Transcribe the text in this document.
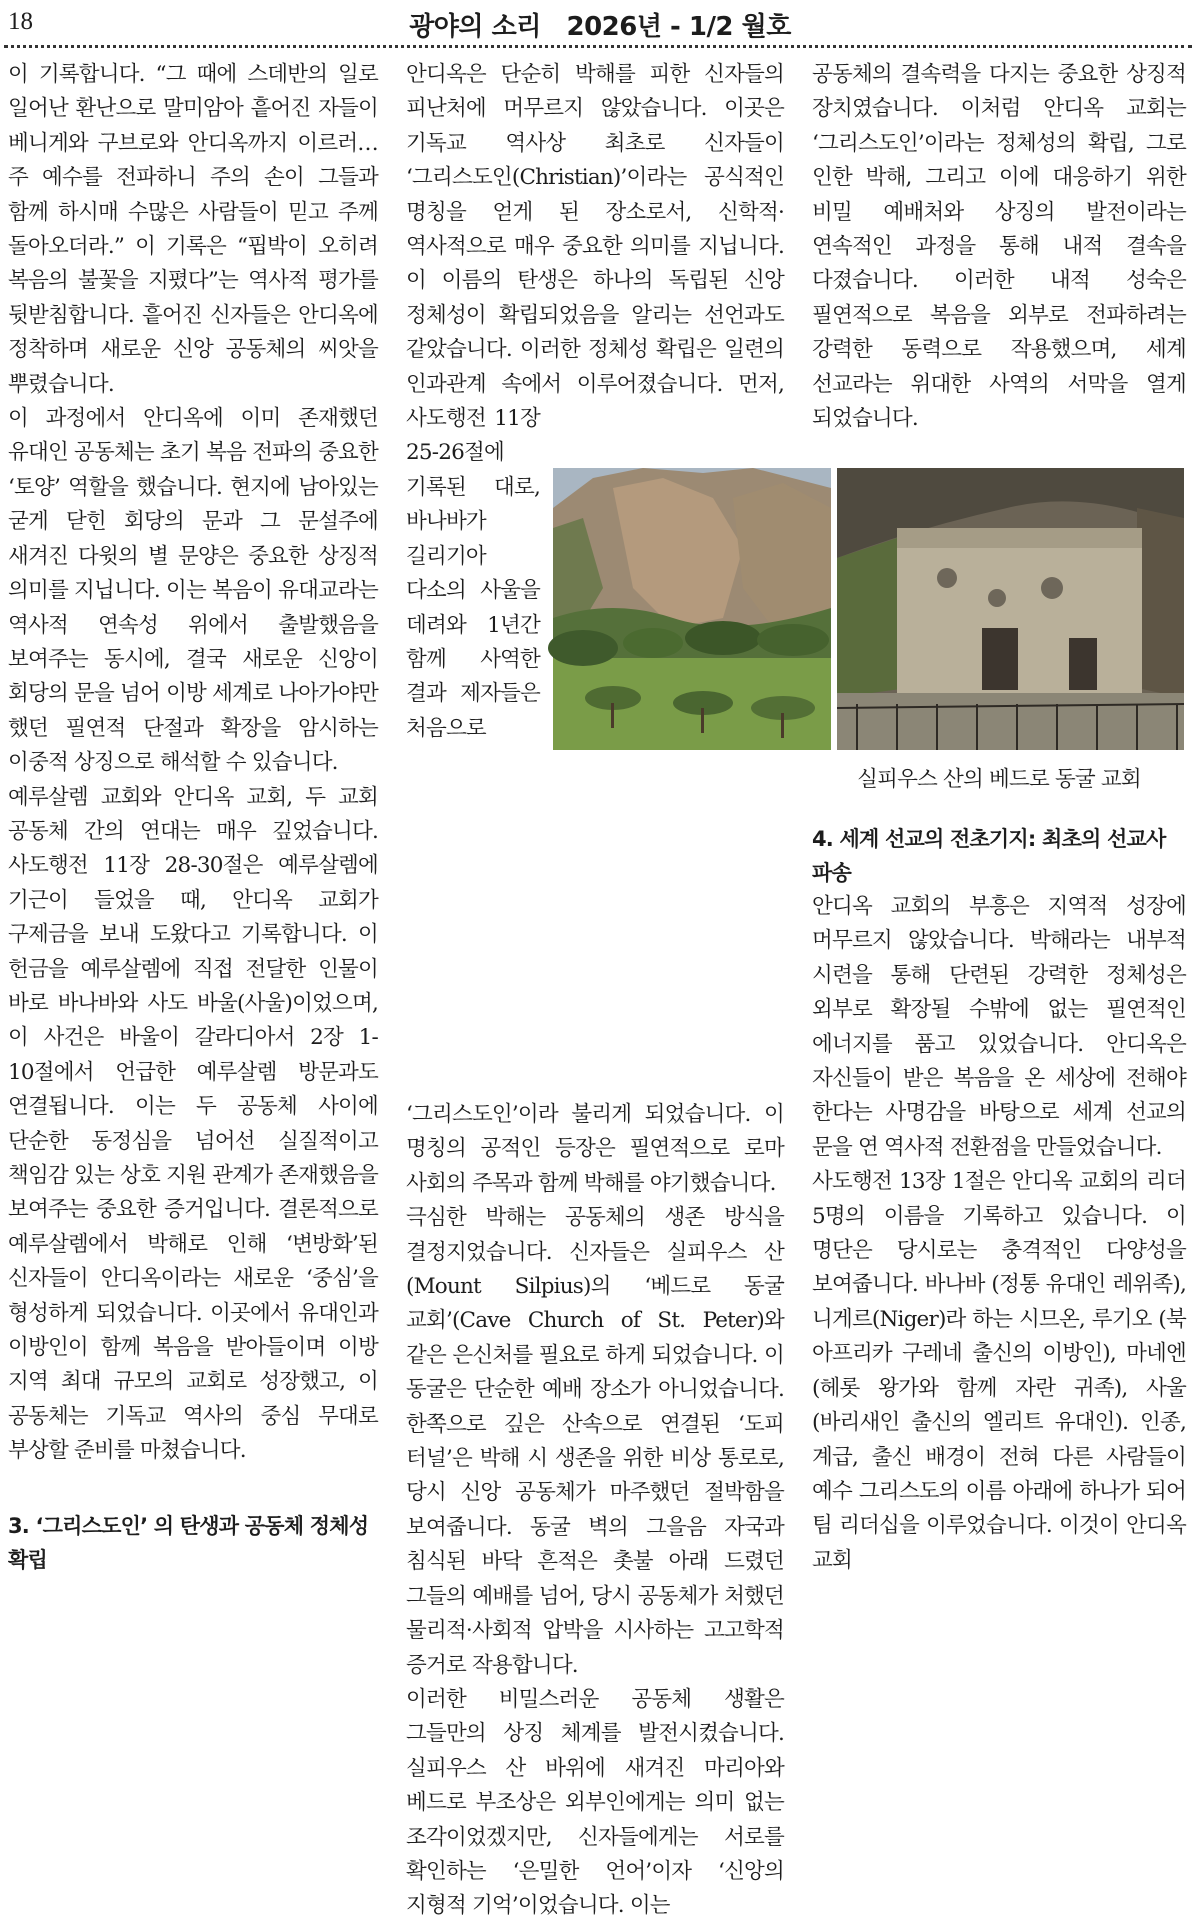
18	광야의 소리   2026년 - 1/2 월호

이 기록합니다. “그 때에 스데반의 일로 일어난 환난으로 말미암아 흩어진 자들이 베니게와 구브로와 안디옥까지 이르러…주 예수를 전파하니 주의 손이 그들과 함께 하시매 수많은 사람들이 믿고 주께 돌아오더라.” 이 기록은 “핍박이 오히려 복음의 불꽃을 지폈다”는 역사적 평가를 뒷받침합니다. 흩어진 신자들은 안디옥에 정착하며 새로운 신앙 공동체의 씨앗을 뿌렸습니다.

이 과정에서 안디옥에 이미 존재했던 유대인 공동체는 초기 복음 전파의 중요한 ‘토양’ 역할을 했습니다. 현지에 남아있는 굳게 닫힌 회당의 문과 그 문설주에 새겨진 다윗의 별 문양은 중요한 상징적 의미를 지닙니다. 이는 복음이 유대교라는 역사적 연속성 위에서 출발했음을 보여주는 동시에, 결국 새로운 신앙이 회당의 문을 넘어 이방 세계로 나아가야만 했던 필연적 단절과 확장을 암시하는 이중적 상징으로 해석할 수 있습니다.

예루살렘 교회와 안디옥 교회, 두 교회 공동체 간의 연대는 매우 깊었습니다. 사도행전 11장 28-30절은 예루살렘에 기근이 들었을 때, 안디옥 교회가 구제금을 보내 도왔다고 기록합니다. 이 헌금을 예루살렘에 직접 전달한 인물이 바로 바나바와 사도 바울(사울)이었으며, 이 사건은 바울이 갈라디아서 2장 1-10절에서 언급한 예루살렘 방문과도 연결됩니다. 이는 두 공동체 사이에 단순한 동정심을 넘어선 실질적이고 책임감 있는 상호 지원 관계가 존재했음을 보여주는 중요한 증거입니다. 결론적으로 예루살렘에서 박해로 인해 ‘변방화’된 신자들이 안디옥이라는 새로운 ‘중심’을 형성하게 되었습니다. 이곳에서 유대인과 이방인이 함께 복음을 받아들이며 이방 지역 최대 규모의 교회로 성장했고, 이 공동체는 기독교 역사의 중심 무대로 부상할 준비를 마쳤습니다.

3. ‘그리스도인’ 의 탄생과 공동체 정체성 확립

안디옥은 단순히 박해를 피한 신자들의 피난처에 머무르지 않았습니다. 이곳은 기독교 역사상 최초로 신자들이 ‘그리스도인(Christian)’이라는 공식적인 명칭을 얻게 된 장소로서, 신학적·역사적으로 매우 중요한 의미를 지닙니다. 이 이름의 탄생은 하나의 독립된 신앙 정체성이 확립되었음을 알리는 선언과도 같았습니다. 이러한 정체성 확립은 일련의 인과관계 속에서 이루어졌습니다. 먼저, 사도행전 11장 25-26절에 기록된 대로, 바나바가 길리기아 다소의 사울을 데려와 1년간 함께 사역한 결과 제자들은 처음으로 ‘그리스도인’이라 불리게 되었습니다. 이 명칭의 공적인 등장은 필연적으로 로마 사회의 주목과 함께 박해를 야기했습니다.

극심한 박해는 공동체의 생존 방식을 결정지었습니다. 신자들은 실피우스 산(Mount Silpius)의 ‘베드로 동굴 교회’(Cave Church of St. Peter)와 같은 은신처를 필요로 하게 되었습니다. 이 동굴은 단순한 예배 장소가 아니었습니다. 한쪽으로 깊은 산속으로 연결된 ‘도피 터널’은 박해 시 생존을 위한 비상 통로로, 당시 신앙 공동체가 마주했던 절박함을 보여줍니다. 동굴 벽의 그을음 자국과 침식된 바닥 흔적은 촛불 아래 드렸던 그들의 예배를 넘어, 당시 공동체가 처했던 물리적·사회적 압박을 시사하는 고고학적 증거로 작용합니다.

이러한 비밀스러운 공동체 생활은 그들만의 상징 체계를 발전시켰습니다. 실피우스 산 바위에 새겨진 마리아와 베드로 부조상은 외부인에게는 의미 없는 조각이었겠지만, 신자들에게는 서로를 확인하는 ‘은밀한 언어’이자 ‘신앙의 지형적 기억’이었습니다. 이는

공동체의 결속력을 다지는 중요한 상징적 장치였습니다. 이처럼 안디옥 교회는 ‘그리스도인’이라는 정체성의 확립, 그로 인한 박해, 그리고 이에 대응하기 위한 비밀 예배처와 상징의 발전이라는 연속적인 과정을 통해 내적 결속을 다졌습니다. 이러한 내적 성숙은 필연적으로 복음을 외부로 전파하려는 강력한 동력으로 작용했으며, 세계 선교라는 위대한 사역의 서막을 열게 되었습니다.

실피우스 산의 베드로 동굴 교회
4. 세계 선교의 전초기지: 최초의 선교사 파송

안디옥 교회의 부흥은 지역적 성장에 머무르지 않았습니다. 박해라는 내부적 시련을 통해 단련된 강력한 정체성은 외부로 확장될 수밖에 없는 필연적인 에너지를 품고 있었습니다. 안디옥은 자신들이 받은 복음을 온 세상에 전해야 한다는 사명감을 바탕으로 세계 선교의 문을 연 역사적 전환점을 만들었습니다.

사도행전 13장 1절은 안디옥 교회의 리더 5명의 이름을 기록하고 있습니다. 이 명단은 당시로는 충격적인 다양성을 보여줍니다. 바나바 (정통 유대인 레위족), 니게르(Niger)라 하는 시므온, 루기오 (북 아프리카 구레네 출신의 이방인), 마네엔 (헤롯 왕가와 함께 자란 귀족), 사울 (바리새인 출신의 엘리트 유대인). 인종, 계급, 출신 배경이 전혀 다른 사람들이 예수 그리스도의 이름 아래에 하나가 되어 팀 리더십을 이루었습니다. 이것이 안디옥 교회
